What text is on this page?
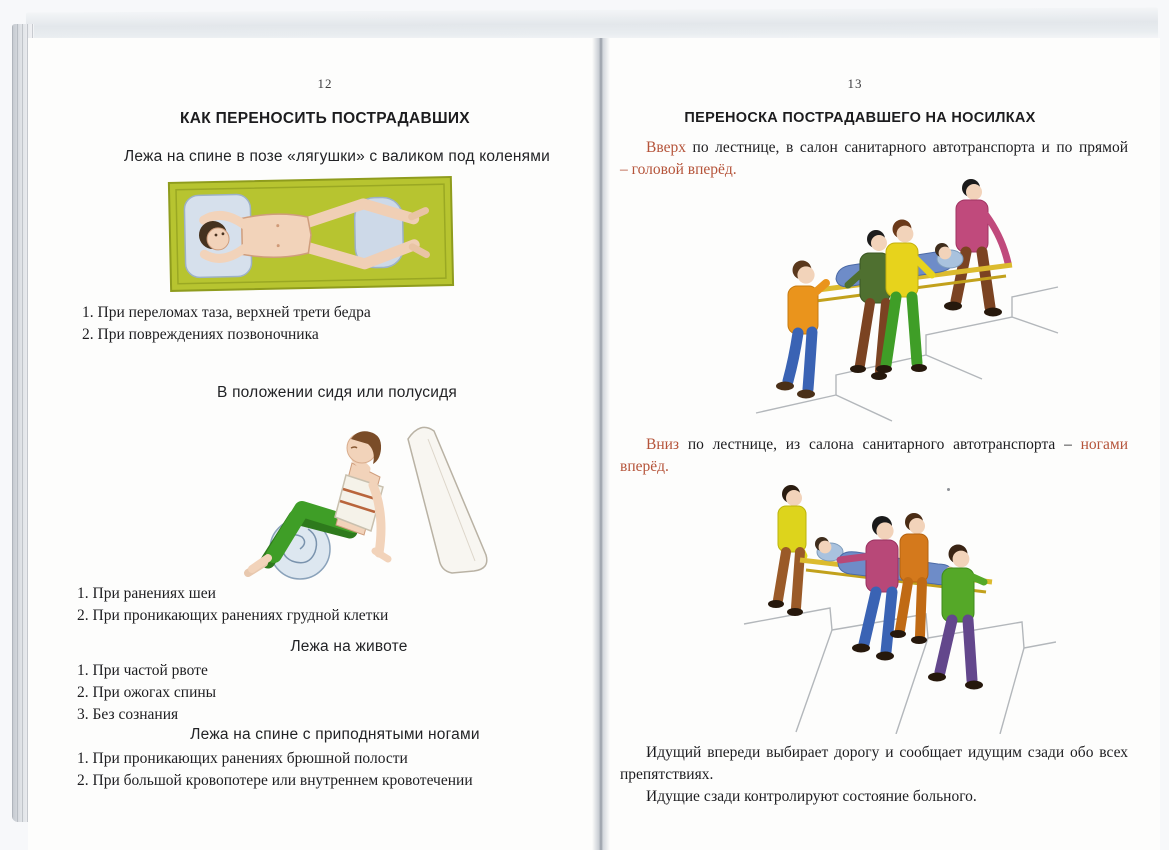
12
КАК ПЕРЕНОСИТЬ ПОСТРАДАВШИХ
Лежа на спине в позе «лягушки» с валиком под коленями
1. При переломах таза, верхней трети бедра
2. При повреждениях позвоночника
В положении сидя или полусидя
1. При ранениях шеи
2. При проникающих ранениях грудной клетки
Лежа на животе
1. При частой рвоте
2. При ожогах спины
3. Без сознания
Лежа на спине с приподнятыми ногами
1. При проникающих ранениях брюшной полости
2. При большой кровопотере или внутреннем кровотечении
13
ПЕРЕНОСКА ПОСТРАДАВШЕГО НА НОСИЛКАХ
Вверх по лестнице, в салон санитарного автотранспорта и по прямой
– головой вперёд.
Вниз по лестнице, из салона санитарного автотранспорта – ногами
вперёд.
Идущий впереди выбирает дорогу и сообщает идущим сзади обо всех
препятствиях.
Идущие сзади контролируют состояние больного.
